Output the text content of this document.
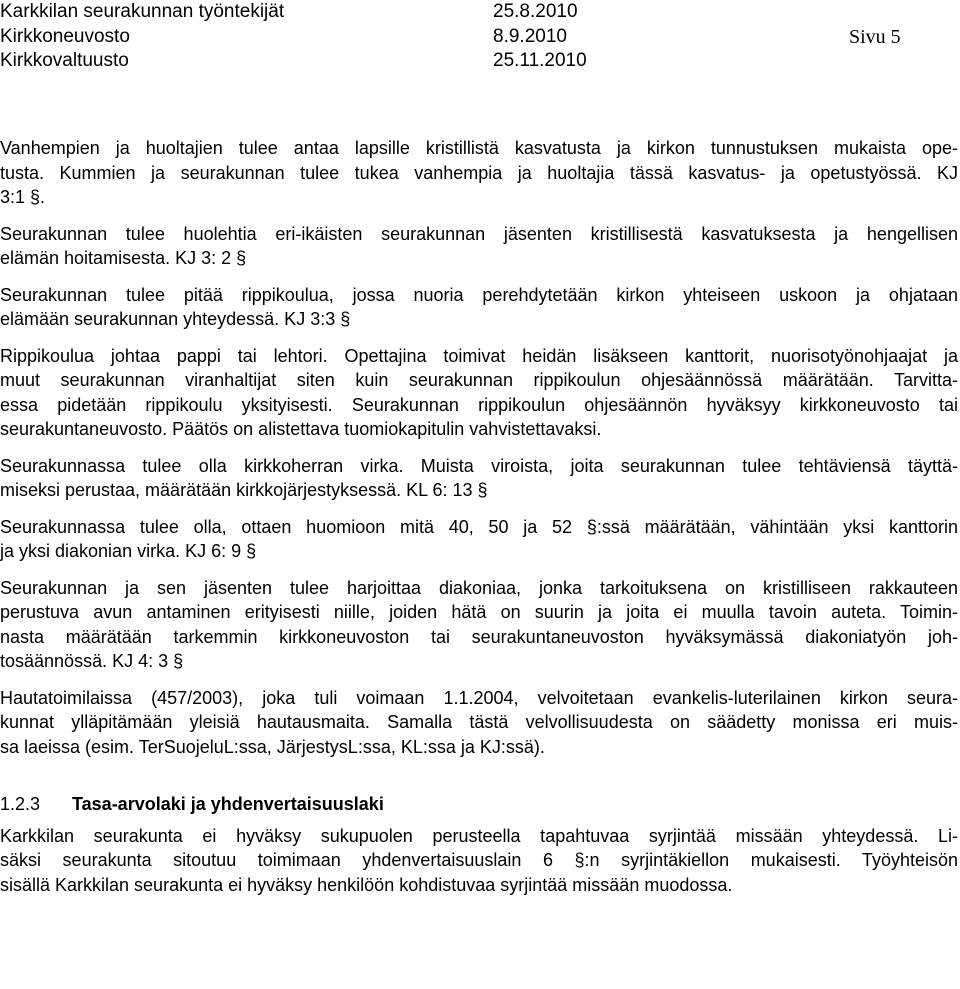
Karkkilan seurakunnan työntekijät	25.8.2010
Kirkkoneuvosto	8.9.2010	Sivu 5
Kirkkovaltuusto	25.11.2010

Vanhempien ja huoltajien tulee antaa lapsille kristillistä kasvatusta ja kirkon tunnustuksen mukaista ope-
tusta. Kummien ja seurakunnan tulee tukea vanhempia ja huoltajia tässä kasvatus- ja opetustyössä. KJ
3:1 §.

Seurakunnan tulee huolehtia eri-ikäisten seurakunnan jäsenten kristillisestä kasvatuksesta ja hengellisen
elämän hoitamisesta. KJ 3: 2 §

Seurakunnan tulee pitää rippikoulua, jossa nuoria perehdytetään kirkon yhteiseen uskoon ja ohjataan
elämään seurakunnan yhteydessä. KJ 3:3 §

Rippikoulua johtaa pappi tai lehtori. Opettajina toimivat heidän lisäkseen kanttorit, nuorisotyönohjaajat ja
muut seurakunnan viranhaltijat siten kuin seurakunnan rippikoulun ohjesäännössä määrätään. Tarvitta-
essa pidetään rippikoulu yksityisesti. Seurakunnan rippikoulun ohjesäännön hyväksyy kirkkoneuvosto tai
seurakuntaneuvosto. Päätös on alistettava tuomiokapitulin vahvistettavaksi.

Seurakunnassa tulee olla kirkkoherran virka. Muista viroista, joita seurakunnan tulee tehtäviensä täyttä-
miseksi perustaa, määrätään kirkkojärjestyksessä. KL 6: 13 §

Seurakunnassa tulee olla, ottaen huomioon mitä 40, 50 ja 52 §:ssä määrätään, vähintään yksi kanttorin
ja yksi diakonian virka. KJ 6: 9 §

Seurakunnan ja sen jäsenten tulee harjoittaa diakoniaa, jonka tarkoituksena on kristilliseen rakkauteen
perustuva avun antaminen erityisesti niille, joiden hätä on suurin ja joita ei muulla tavoin auteta. Toimin-
nasta määrätään tarkemmin kirkkoneuvoston tai seurakuntaneuvoston hyväksymässä diakoniatyön joh-
tosäännössä. KJ 4: 3 §

Hautatoimilaissa (457/2003), joka tuli voimaan 1.1.2004, velvoitetaan evankelis-luterilainen kirkon seura-
kunnat ylläpitämään yleisiä hautausmaita. Samalla tästä velvollisuudesta on säädetty monissa eri muis-
sa laeissa (esim. TerSuojeluL:ssa, JärjestysL:ssa, KL:ssa ja KJ:ssä).

1.2.3 Tasa-arvolaki ja yhdenvertaisuuslaki

Karkkilan seurakunta ei hyväksy sukupuolen perusteella tapahtuvaa syrjintää missään yhteydessä. Li-
säksi seurakunta sitoutuu toimimaan yhdenvertaisuuslain 6 §:n syrjintäkiellon mukaisesti. Työyhteisön
sisällä Karkkilan seurakunta ei hyväksy henkilöön kohdistuvaa syrjintää missään muodossa.
